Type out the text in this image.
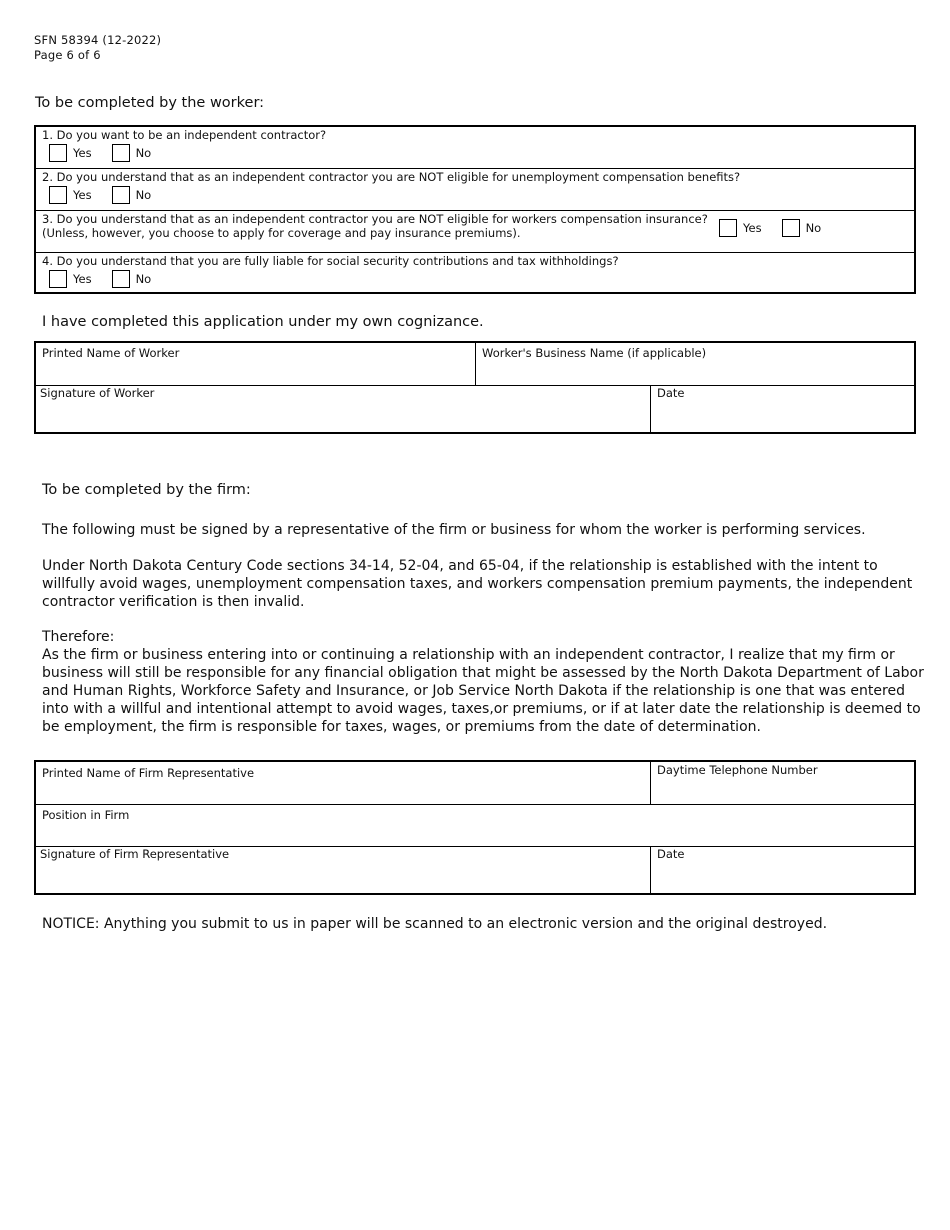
SFN 58394 (12-2022)
Page 6 of 6
To be completed by the worker:
1. Do you want to be an independent contractor?
Yes	No
2. Do you understand that as an independent contractor you are NOT eligible for unemployment compensation benefits?
Yes	No
3. Do you understand that as an independent contractor you are NOT eligible for workers compensation insurance?
(Unless, however, you choose to apply for coverage and pay insurance premiums).	Yes	No
4. Do you understand that you are fully liable for social security contributions and tax withholdings?
Yes	No
I have completed this application under my own cognizance.
Printed Name of Worker	Worker's Business Name (if applicable)
Signature of Worker	Date
To be completed by the firm:
The following must be signed by a representative of the firm or business for whom the worker is performing services.
Under North Dakota Century Code sections 34-14, 52-04, and 65-04, if the relationship is established with the intent to willfully avoid wages, unemployment compensation taxes, and workers compensation premium payments, the independent contractor verification is then invalid.
Therefore:
As the firm or business entering into or continuing a relationship with an independent contractor, I realize that my firm or business will still be responsible for any financial obligation that might be assessed by the North Dakota Department of Labor and Human Rights, Workforce Safety and Insurance, or Job Service North Dakota if the relationship is one that was entered into with a willful and intentional attempt to avoid wages, taxes,or premiums, or if at later date the relationship is deemed to be employment, the firm is responsible for taxes, wages, or premiums from the date of determination.
Printed Name of Firm Representative	Daytime Telephone Number
Position in Firm
Signature of Firm Representative	Date
NOTICE: Anything you submit to us in paper will be scanned to an electronic version and the original destroyed.
